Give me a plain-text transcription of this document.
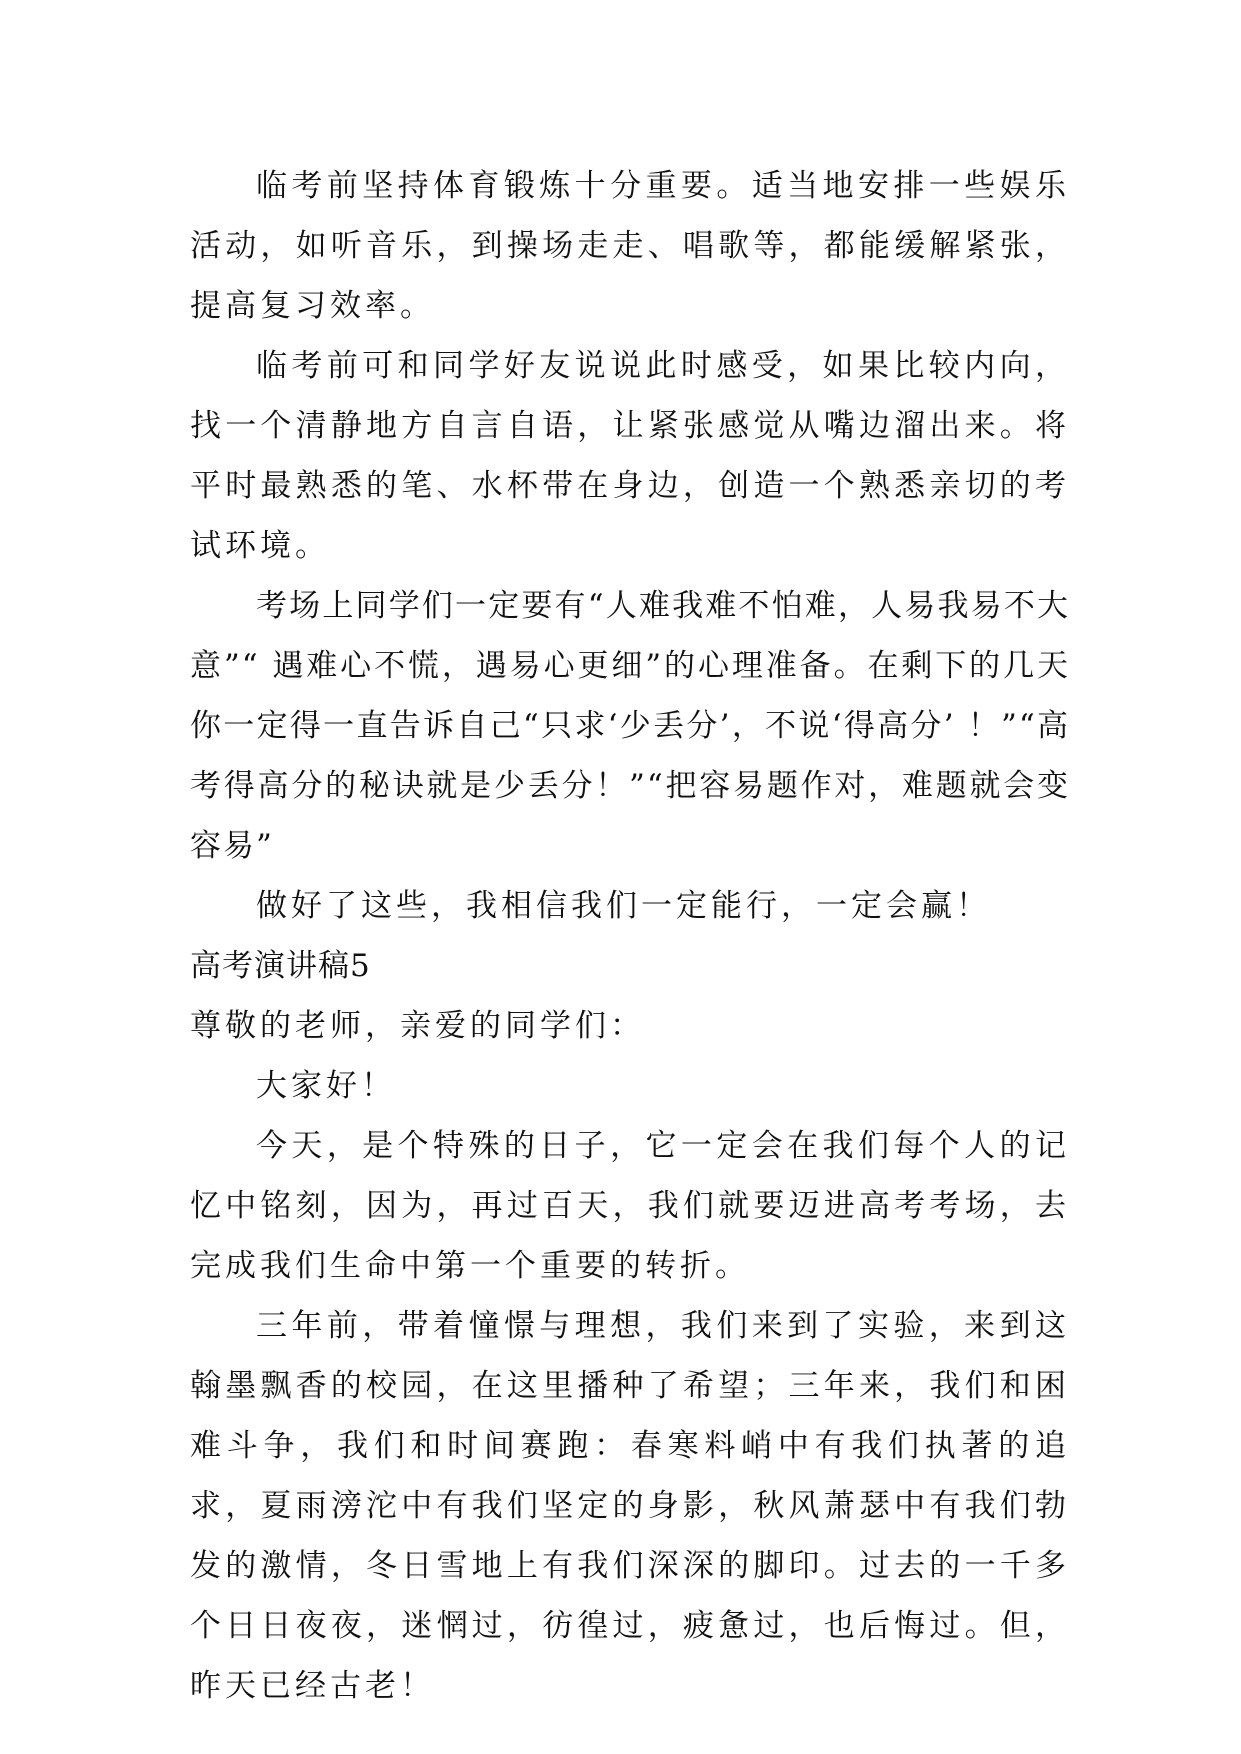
临考前坚持体育锻炼十分重要。适当地安排一些娱乐活动，如听音乐，到操场走走、唱歌等，都能缓解紧张，提高复习效率。

临考前可和同学好友说说此时感受，如果比较内向，找一个清静地方自言自语，让紧张感觉从嘴边溜出来。将平时最熟悉的笔、水杯带在身边，创造一个熟悉亲切的考试环境。

考场上同学们一定要有“人难我难不怕难，人易我易不大意”“ 遇难心不慌，遇易心更细”的心理准备。在剩下的几天你一定得一直告诉自己“只求‘少丢分’，不说‘得高分’ ！”“高考得高分的秘诀就是少丢分！”“把容易题作对，难题就会变容易”

做好了这些，我相信我们一定能行，一定会赢！

高考演讲稿5

尊敬的老师，亲爱的同学们：

大家好！

今天，是个特殊的日子，它一定会在我们每个人的记忆中铭刻，因为，再过百天，我们就要迈进高考考场，去完成我们生命中第一个重要的转折。

三年前，带着憧憬与理想，我们来到了实验，来到这翰墨飘香的校园，在这里播种了希望；三年来，我们和困难斗争，我们和时间赛跑：春寒料峭中有我们执著的追求，夏雨滂沱中有我们坚定的身影，秋风萧瑟中有我们勃发的激情，冬日雪地上有我们深深的脚印。过去的一千多个日日夜夜，迷惘过，彷徨过，疲惫过，也后悔过。但，昨天已经古老！
